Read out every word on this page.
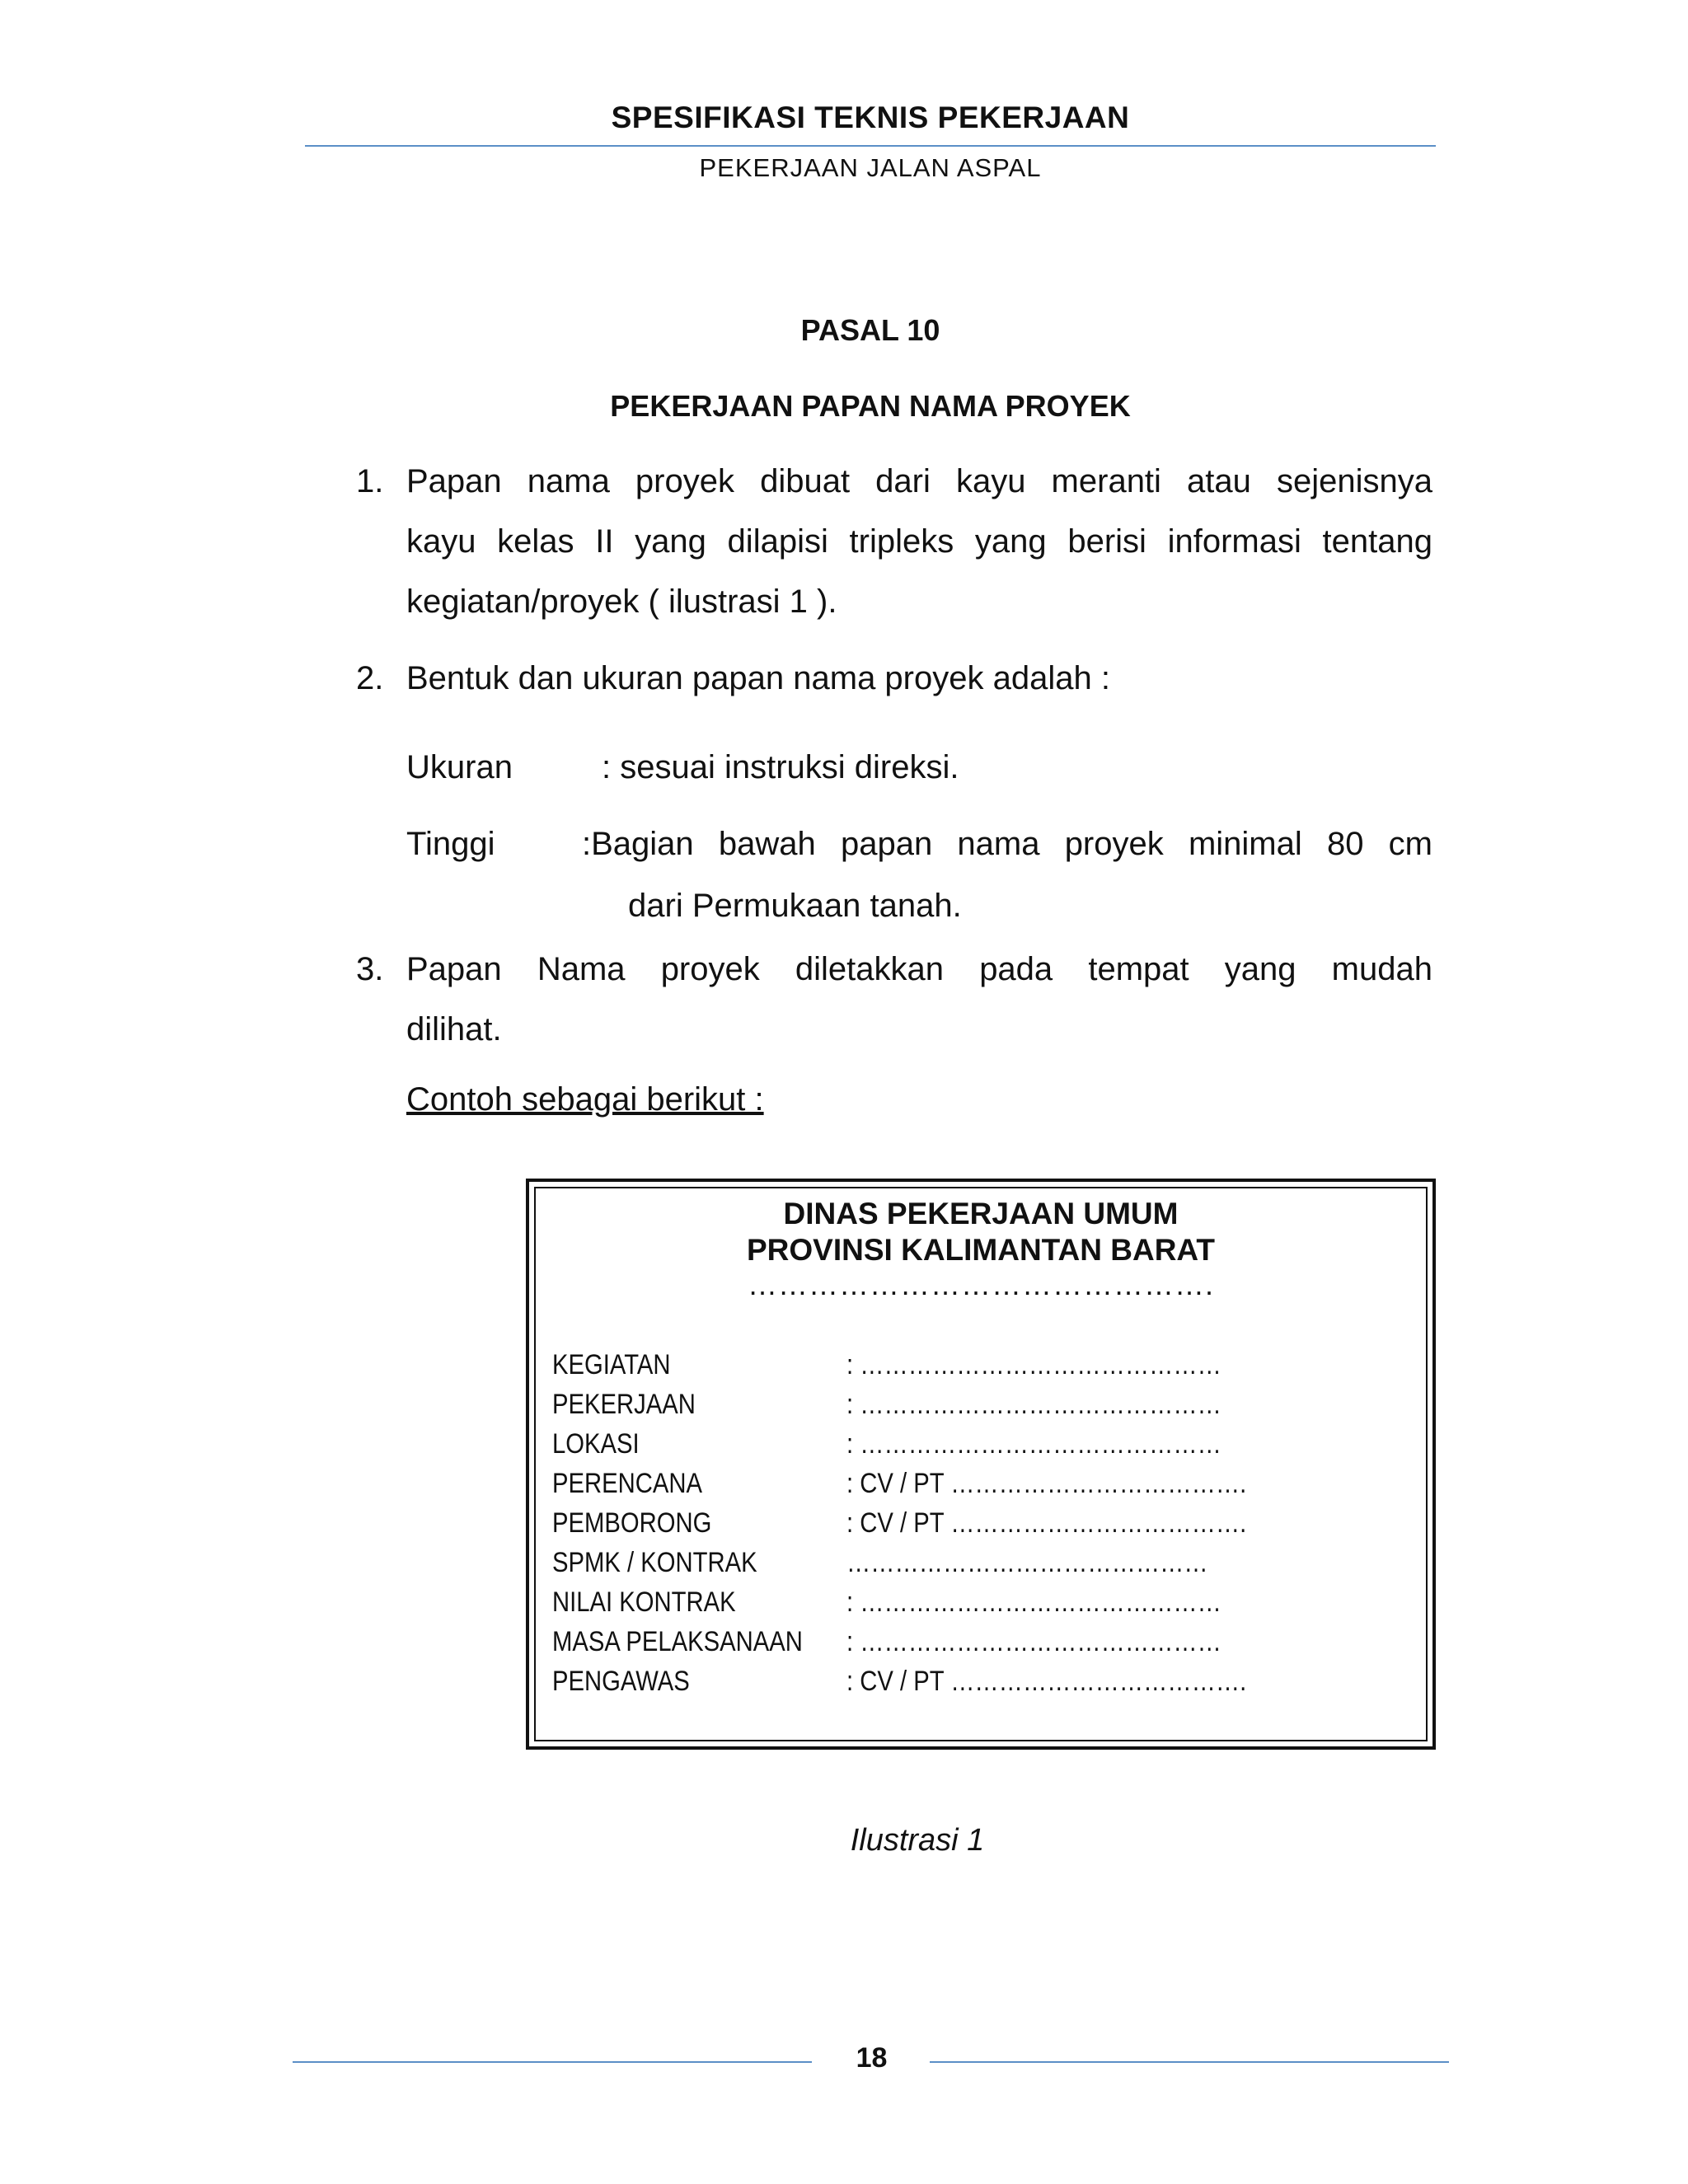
SPESIFIKASI TEKNIS PEKERJAAN
PEKERJAAN JALAN ASPAL
PASAL 10
PEKERJAAN PAPAN NAMA PROYEK
1. Papan nama proyek dibuat dari kayu meranti atau sejenisnya
kayu kelas II yang dilapisi tripleks yang berisi informasi tentang
kegiatan/proyek ( ilustrasi 1 ).
2. Bentuk dan ukuran papan nama proyek adalah :
Ukuran	: sesuai instruksi direksi.
Tinggi	:Bagian bawah papan nama proyek minimal 80 cm
dari Permukaan tanah.
3. Papan Nama proyek diletakkan pada tempat yang mudah
dilihat.
Contoh sebagai berikut :
DINAS PEKERJAAN UMUM
PROVINSI KALIMANTAN BARAT
……………………………………….
KEGIATAN	: ………………………………………
PEKERJAAN	: ………………………………………
LOKASI	: ………………………………………
PERENCANA	: CV / PT ……………………………….
PEMBORONG	: CV / PT ……………………………….
SPMK / KONTRAK	………………………………………
NILAI KONTRAK	: ………………………………………
MASA PELAKSANAAN : ………………………………………
PENGAWAS	: CV / PT ……………………………….
Ilustrasi 1
18
